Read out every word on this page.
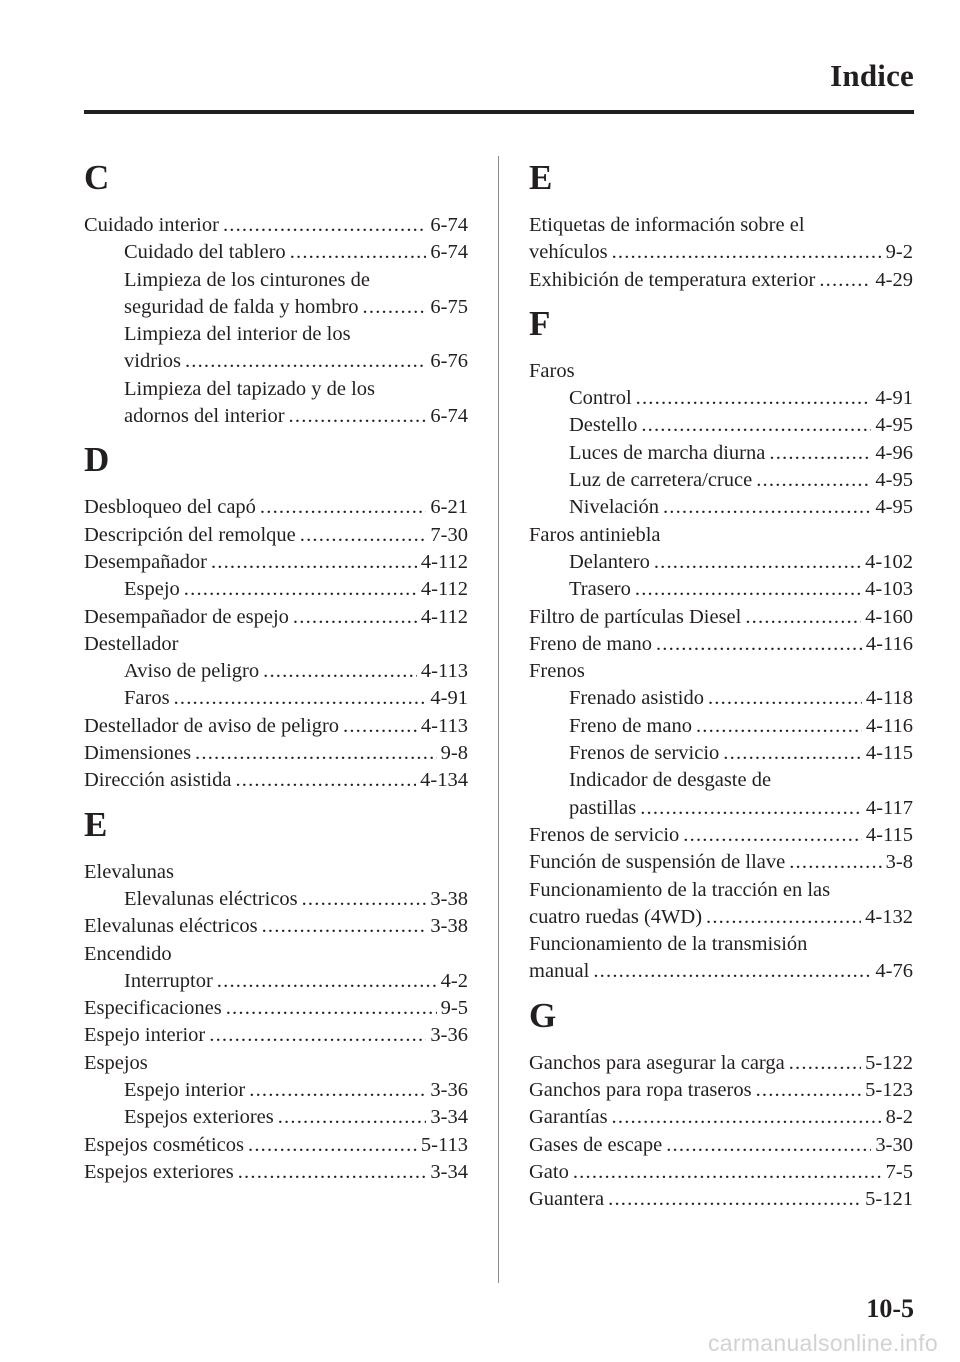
Indice
C
Cuidado interior .....	6-74
Cuidado del tablero .....	6-74
Limpieza de los cinturones de
seguridad de falda y hombro .....	6-75
Limpieza del interior de los
vidrios .....	6-76
Limpieza del tapizado y de los
adornos del interior .....	6-74
D
Desbloqueo del capó .....	6-21
Descripción del remolque .....	7-30
Desempañador .....	4-112
Espejo .....	4-112
Desempañador de espejo .....	4-112
Destellador
Aviso de peligro .....	4-113
Faros .....	4-91
Destellador de aviso de peligro .....	4-113
Dimensiones .....	9-8
Dirección asistida .....	4-134
E
Elevalunas
Elevalunas eléctricos .....	3-38
Elevalunas eléctricos .....	3-38
Encendido
Interruptor .....	4-2
Especificaciones .....	9-5
Espejo interior .....	3-36
Espejos
Espejo interior .....	3-36
Espejos exteriores .....	3-34
Espejos cosméticos .....	5-113
Espejos exteriores .....	3-34
E
Etiquetas de información sobre el
vehículos .....	9-2
Exhibición de temperatura exterior .....	4-29
F
Faros
Control .....	4-91
Destello .....	4-95
Luces de marcha diurna .....	4-96
Luz de carretera/cruce .....	4-95
Nivelación .....	4-95
Faros antiniebla
Delantero .....	4-102
Trasero .....	4-103
Filtro de partículas Diesel .....	4-160
Freno de mano .....	4-116
Frenos
Frenado asistido .....	4-118
Freno de mano .....	4-116
Frenos de servicio .....	4-115
Indicador de desgaste de
pastillas .....	4-117
Frenos de servicio .....	4-115
Función de suspensión de llave .....	3-8
Funcionamiento de la tracción en las
cuatro ruedas (4WD) .....	4-132
Funcionamiento de la transmisión
manual .....	4-76
G
Ganchos para asegurar la carga .....	5-122
Ganchos para ropa traseros .....	5-123
Garantías .....	8-2
Gases de escape .....	3-30
Gato .....	7-5
Guantera .....	5-121
10-5
carmanualsonline.info
